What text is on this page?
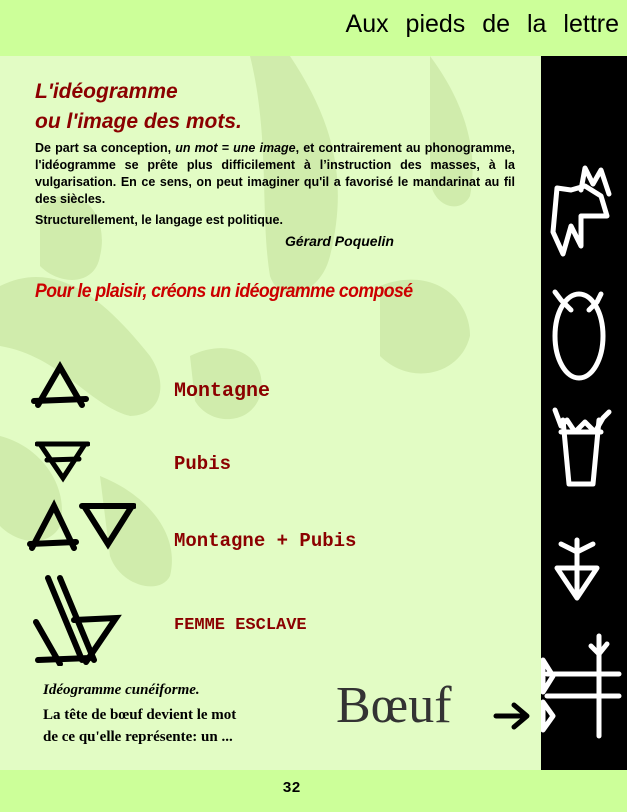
Aux pieds de la lettre
L'idéogramme
ou l'image des mots.
De part sa conception, un mot = une image, et contrairement au phonogramme, l'idéogramme se prête plus difficilement à l’instruction des masses, à la vulgarisation. En ce sens, on peut imaginer qu'il a favorisé le mandarinat au fil des siècles.
Structurellement, le langage est politique.
Gérard Poquelin
Pour le plaisir, créons un idéogramme composé
Montagne
Pubis
Montagne + Pubis
FEMME ESCLAVE
Idéogramme cunéiforme.
La tête de bœuf devient le mot
de ce qu'elle représente: un ...
Bœuf
32
